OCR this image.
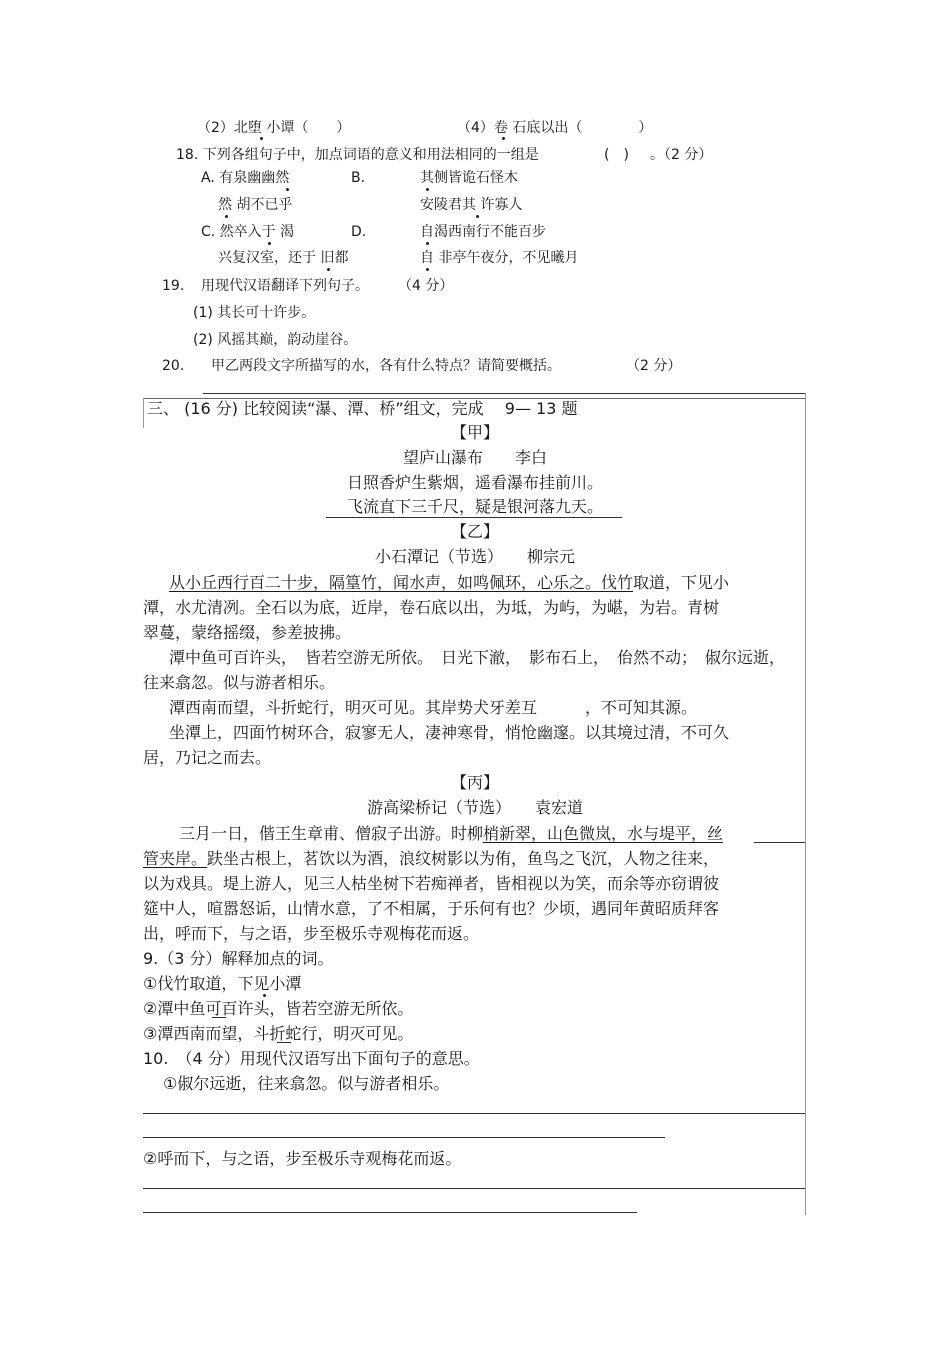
（2）北堕 小谭（　　）	（4）卷 石底以出（　　　　）
18. 下列各组句子中，加点词语的意义和用法相同的一组是	(　) 。（2 分）
A. 有泉幽幽然	B.	其侧皆诡石怪木
然 胡不已乎	安陵君其 许寡人
C. 然卒入于 渴	D.	自渴西南行不能百步
兴复汉室，还于 旧都	自 非亭午夜分，不见曦月
19. 用现代汉语翻译下列句子。 （4 分）
(1) 其长可十许步。
(2) 风摇其巅，韵动崖谷。
20. 甲乙两段文字所描写的水，各有什么特点？请简要概括。	（2 分）
三、 (16 分) 比较阅读“瀑、潭、桥”组文，完成　 9— 13 题
【甲】
望庐山瀑布　　李白
日照香炉生紫烟，遥看瀑布挂前川。
飞流直下三千尺，疑是银河落九天。
【乙】
小石潭记（节选）　　柳宗元
从小丘西行百二十步，隔篁竹，闻水声，如鸣佩环，心乐之。伐竹取道，下见小
潭，水尤清冽。全石以为底，近岸，卷石底以出，为坻，为屿，为嵁，为岩。青树
翠蔓，蒙络摇缀，参差披拂。
潭中鱼可百许头，　皆若空游无所依。　日光下澈，　影布石上，　佁然不动；　俶尔远逝，
往来翕忽。似与游者相乐。
潭西南而望，斗折蛇行，明灭可见。其岸势犬牙差互　　　，不可知其源。
坐潭上，四面竹树环合，寂寥无人，凄神寒骨，悄怆幽邃。以其境过清，不可久
居，乃记之而去。
【丙】
游高梁桥记（节选）　　袁宏道
三月一日，偕王生章甫、僧寂子出游。时柳梢新翠，山色微岚，水与堤平，丝
管夹岸。趺坐古根上，茗饮以为酒，浪纹树影以为侑，鱼鸟之飞沉，人物之往来，
以为戏具。堤上游人，见三人枯坐树下若痴禅者，皆相视以为笑，而余等亦窃谓彼
筵中人，喧嚣怒诟，山情水意，了不相属，于乐何有也？少顷，遇同年黄昭质拜客
出，呼而下，与之语，步至极乐寺观梅花而返。
9.（3 分）解释加点的词。
①伐竹取道，下见小潭
②潭中鱼可百许头，皆若空游无所依。
③潭西南而望，斗折蛇行，明灭可见。
10.　（4 分）用现代汉语写出下面句子的意思。
①俶尔远逝，往来翕忽。似与游者相乐。
②呼而下，与之语，步至极乐寺观梅花而返。
